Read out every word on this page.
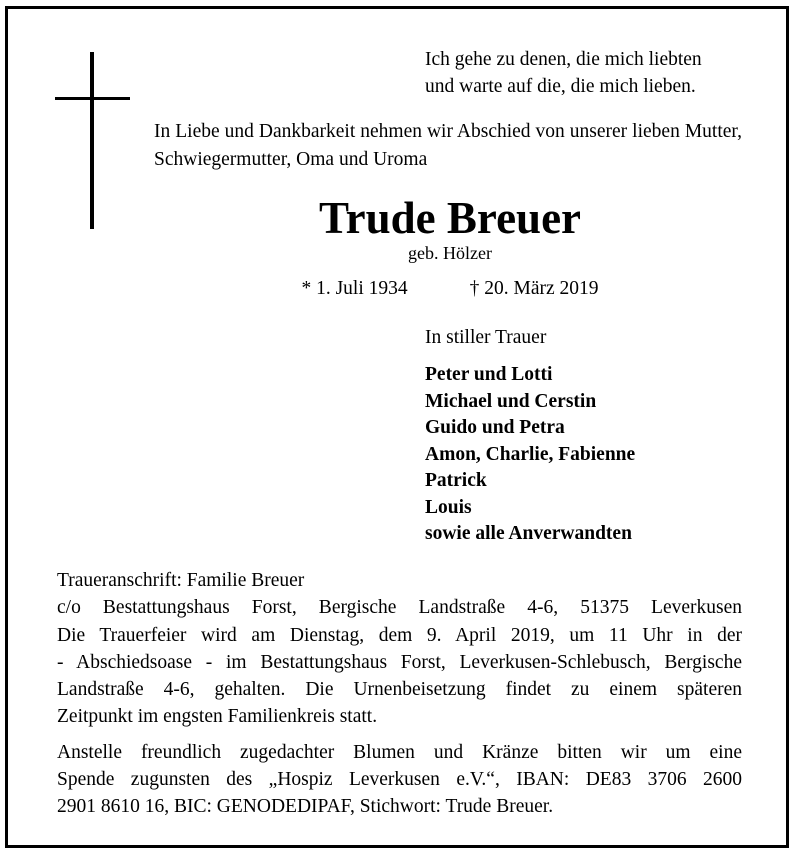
Ich gehe zu denen, die mich liebten
und warte auf die, die mich lieben.
In Liebe und Dankbarkeit nehmen wir Abschied von unserer lieben Mutter, Schwiegermutter, Oma und Uroma
Trude Breuer
geb. Hölzer
* 1. Juli 1934	† 20. März 2019
In stiller Trauer
Peter und Lotti
Michael und Cerstin
Guido und Petra
Amon, Charlie, Fabienne
Patrick
Louis
sowie alle Anverwandten
Traueranschrift: Familie Breuer
c/o Bestattungshaus Forst, Bergische Landstraße 4-6, 51375 Leverkusen
Die Trauerfeier wird am Dienstag, dem 9. April 2019, um 11 Uhr in der
- Abschiedsoase - im Bestattungshaus Forst, Leverkusen-Schlebusch, Bergische
Landstraße 4-6, gehalten. Die Urnenbeisetzung findet zu einem späteren
Zeitpunkt im engsten Familienkreis statt.
Anstelle freundlich zugedachter Blumen und Kränze bitten wir um eine
Spende zugunsten des „Hospiz Leverkusen e.V.“, IBAN: DE83 3706 2600
2901 8610 16, BIC: GENODEDIPAF, Stichwort: Trude Breuer.
